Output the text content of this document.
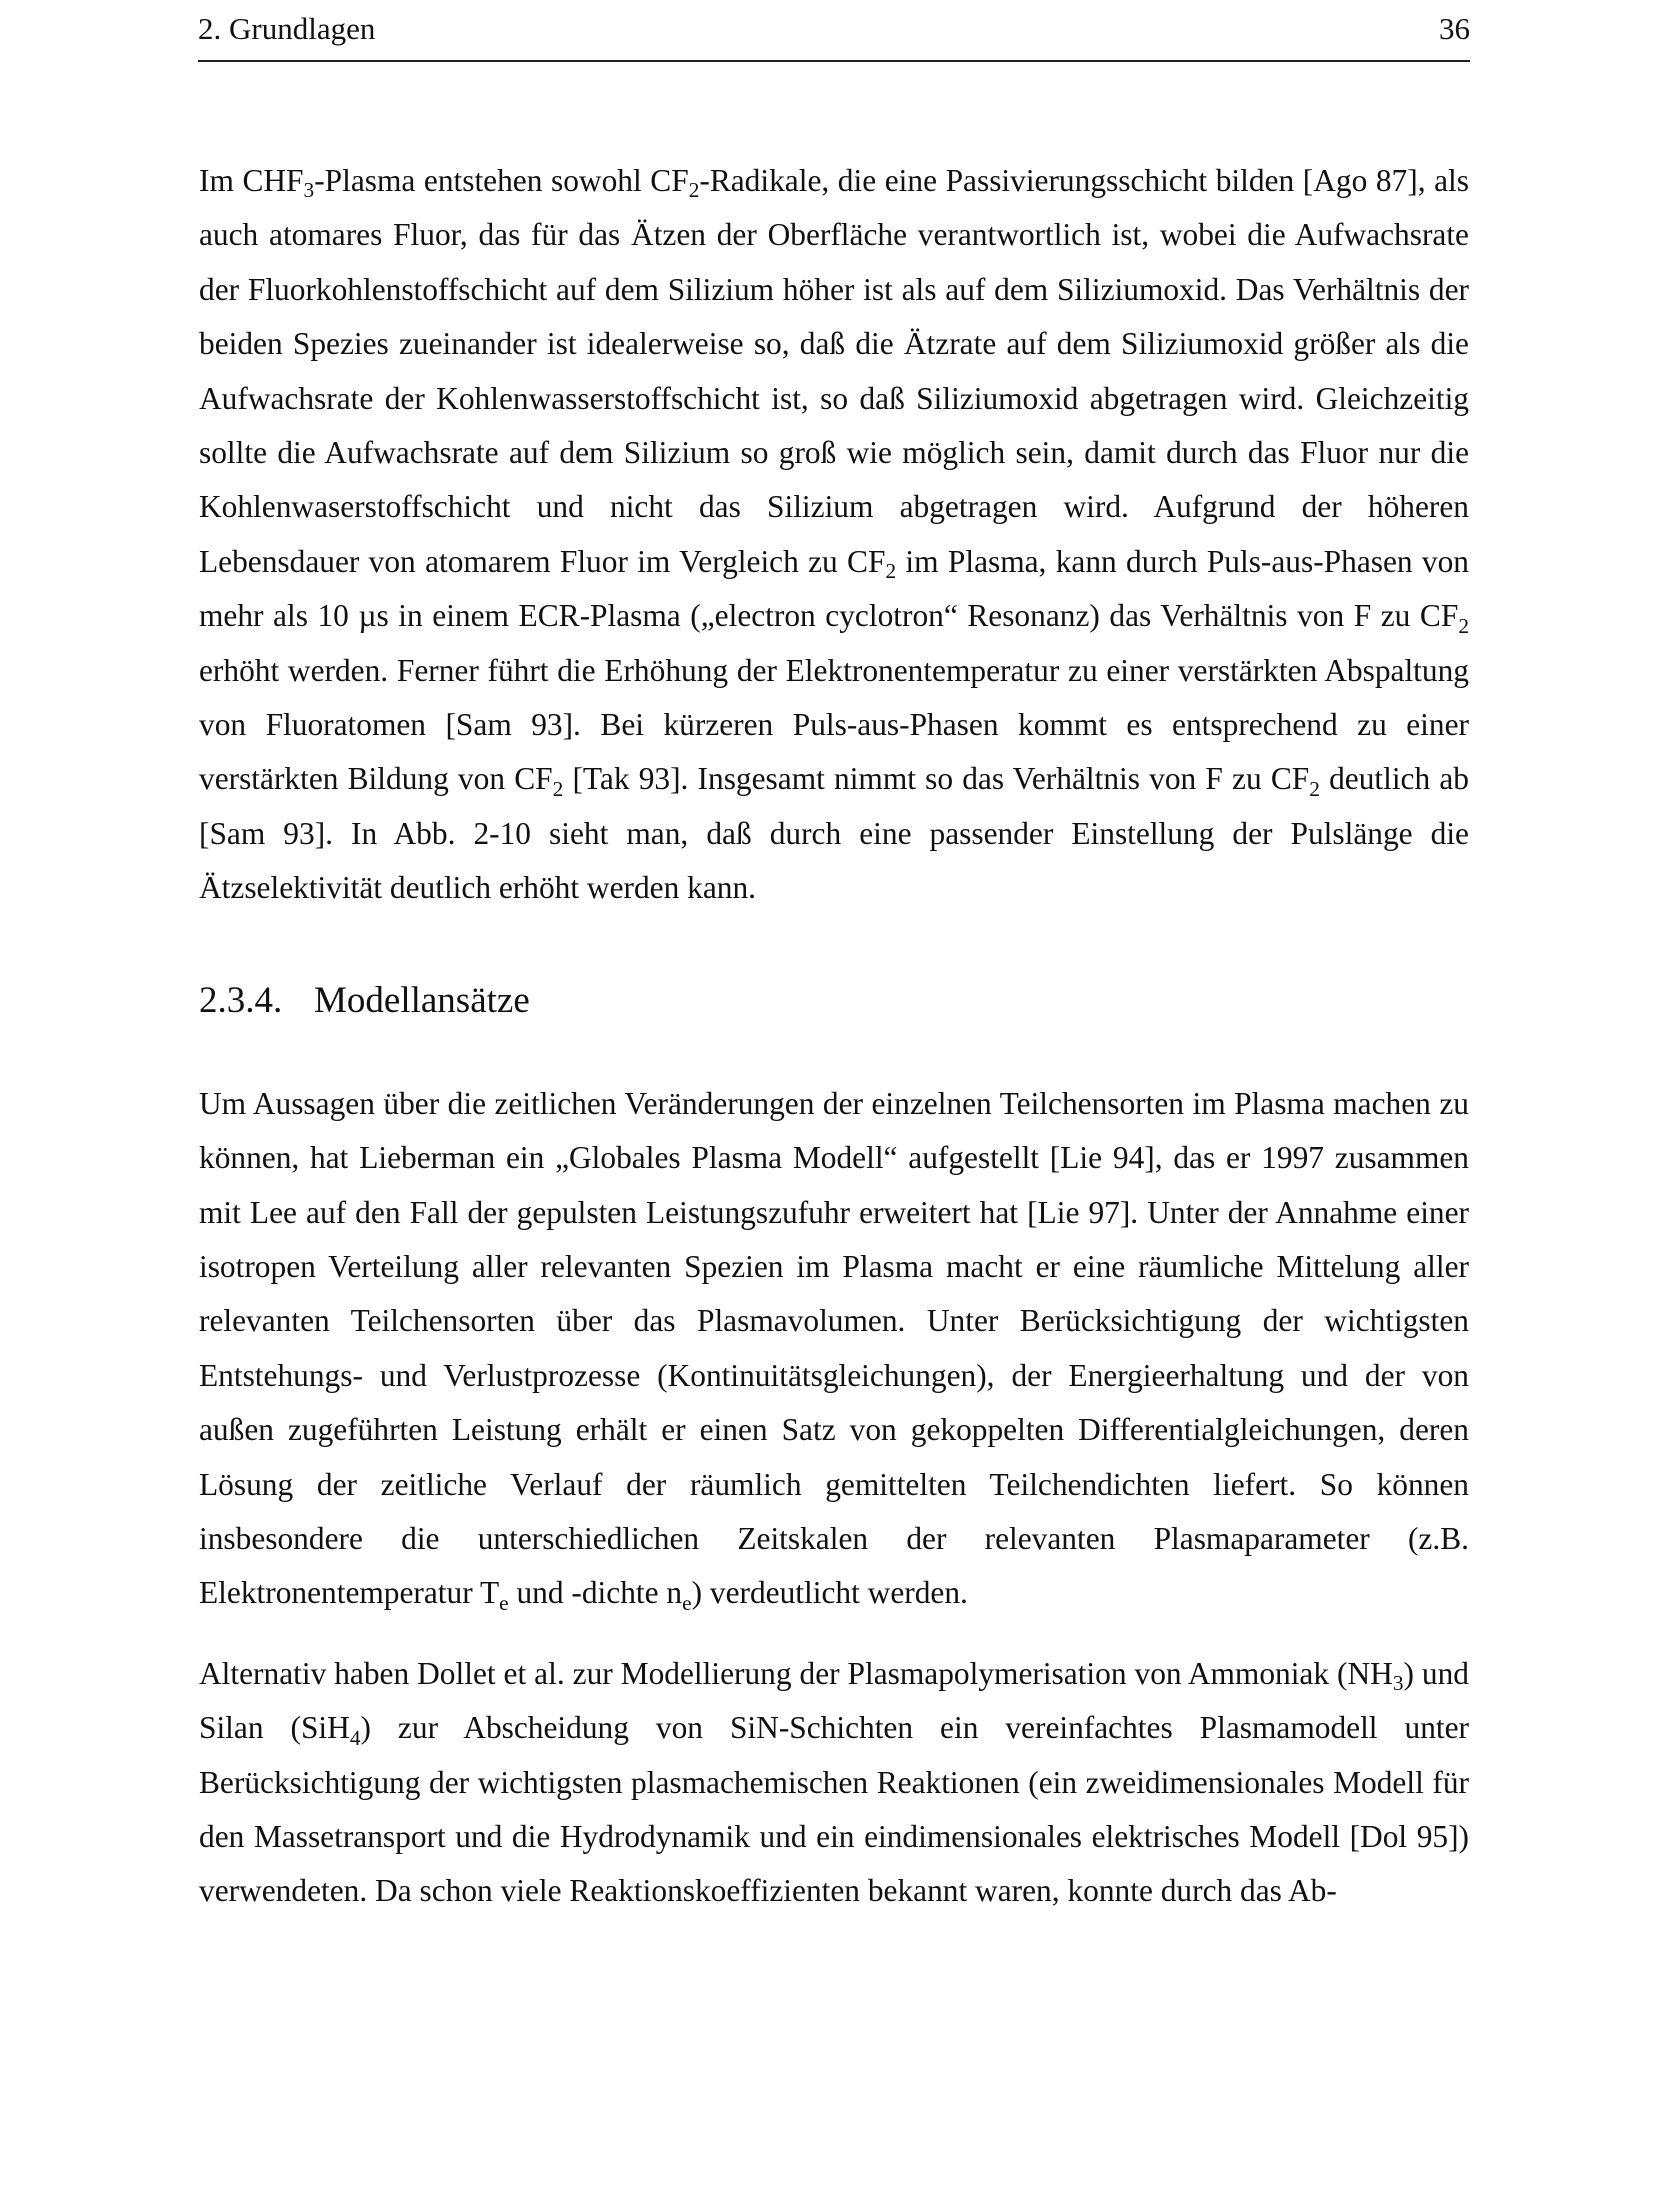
2. Grundlagen	36

Im $CHF_3$-Plasma entstehen sowohl $CF_2$-Radikale, die eine Passivierungsschicht bilden [Ago 87], als auch atomares Fluor, das für das Ätzen der Oberfläche verantwortlich ist, wobei die Aufwachsrate der Fluorkohlenstoffschicht auf dem Silizium höher ist als auf dem Siliziumoxid. Das Verhältnis der beiden Spezies zueinander ist idealerweise so, daß die Ätzrate auf dem Siliziumoxid größer als die Aufwachsrate der Kohlenwasserstoffschicht ist, so daß Siliziumoxid abgetragen wird. Gleichzeitig sollte die Aufwachsrate auf dem Silizium so groß wie möglich sein, damit durch das Fluor nur die Kohlenwaserstoffschicht und nicht das Silizium abgetragen wird. Aufgrund der höheren Lebensdauer von atomarem Fluor im Vergleich zu $CF_2$ im Plasma, kann durch Puls-aus-Phasen von mehr als 10 µs in einem ECR-Plasma („electron cyclotron“ Resonanz) das Verhältnis von F zu $CF_2$ erhöht werden. Ferner führt die Erhöhung der Elektronentemperatur zu einer verstärkten Abspaltung von Fluoratomen [Sam 93]. Bei kürzeren Puls-aus-Phasen kommt es entsprechend zu einer verstärkten Bildung von $CF_2$ [Tak 93]. Insgesamt nimmt so das Verhältnis von F zu $CF_2$ deutlich ab [Sam 93]. In Abb. 2-10 sieht man, daß durch eine passender Einstellung der Pulslänge die Ätzselektivität deutlich erhöht werden kann.

2.3.4. Modellansätze

Um Aussagen über die zeitlichen Veränderungen der einzelnen Teilchensorten im Plasma machen zu können, hat Lieberman ein „Globales Plasma Modell“ aufgestellt [Lie 94], das er 1997 zusammen mit Lee auf den Fall der gepulsten Leistungszufuhr erweitert hat [Lie 97]. Unter der Annahme einer isotropen Verteilung aller relevanten Spezien im Plasma macht er eine räumliche Mittelung aller relevanten Teilchensorten über das Plasmavolumen. Unter Berücksichtigung der wichtigsten Entstehungs- und Verlustprozesse (Kontinuitätsgleichungen), der Energieerhaltung und der von außen zugeführten Leistung erhält er einen Satz von gekoppelten Differentialgleichungen, deren Lösung der zeitliche Verlauf der räumlich gemittelten Teilchendichten liefert. So können insbesondere die unterschiedlichen Zeitskalen der relevanten Plasmaparameter (z.B. Elektronentemperatur $T_e$ und -dichte $n_e$) verdeutlicht werden.

Alternativ haben Dollet et al. zur Modellierung der Plasmapolymerisation von Ammoniak $(NH_3)$ und Silan (SiH$_4$) zur Abscheidung von SiN-Schichten ein vereinfachtes Plasmamodell unter Berücksichtigung der wichtigsten plasmachemischen Reaktionen (ein zweidimensionales Modell für den Massetransport und die Hydrodynamik und ein eindimensionales elektrisches Modell [Dol 95]) verwendeten. Da schon viele Reaktionskoeffizienten bekannt waren, konnte durch das Ab-
